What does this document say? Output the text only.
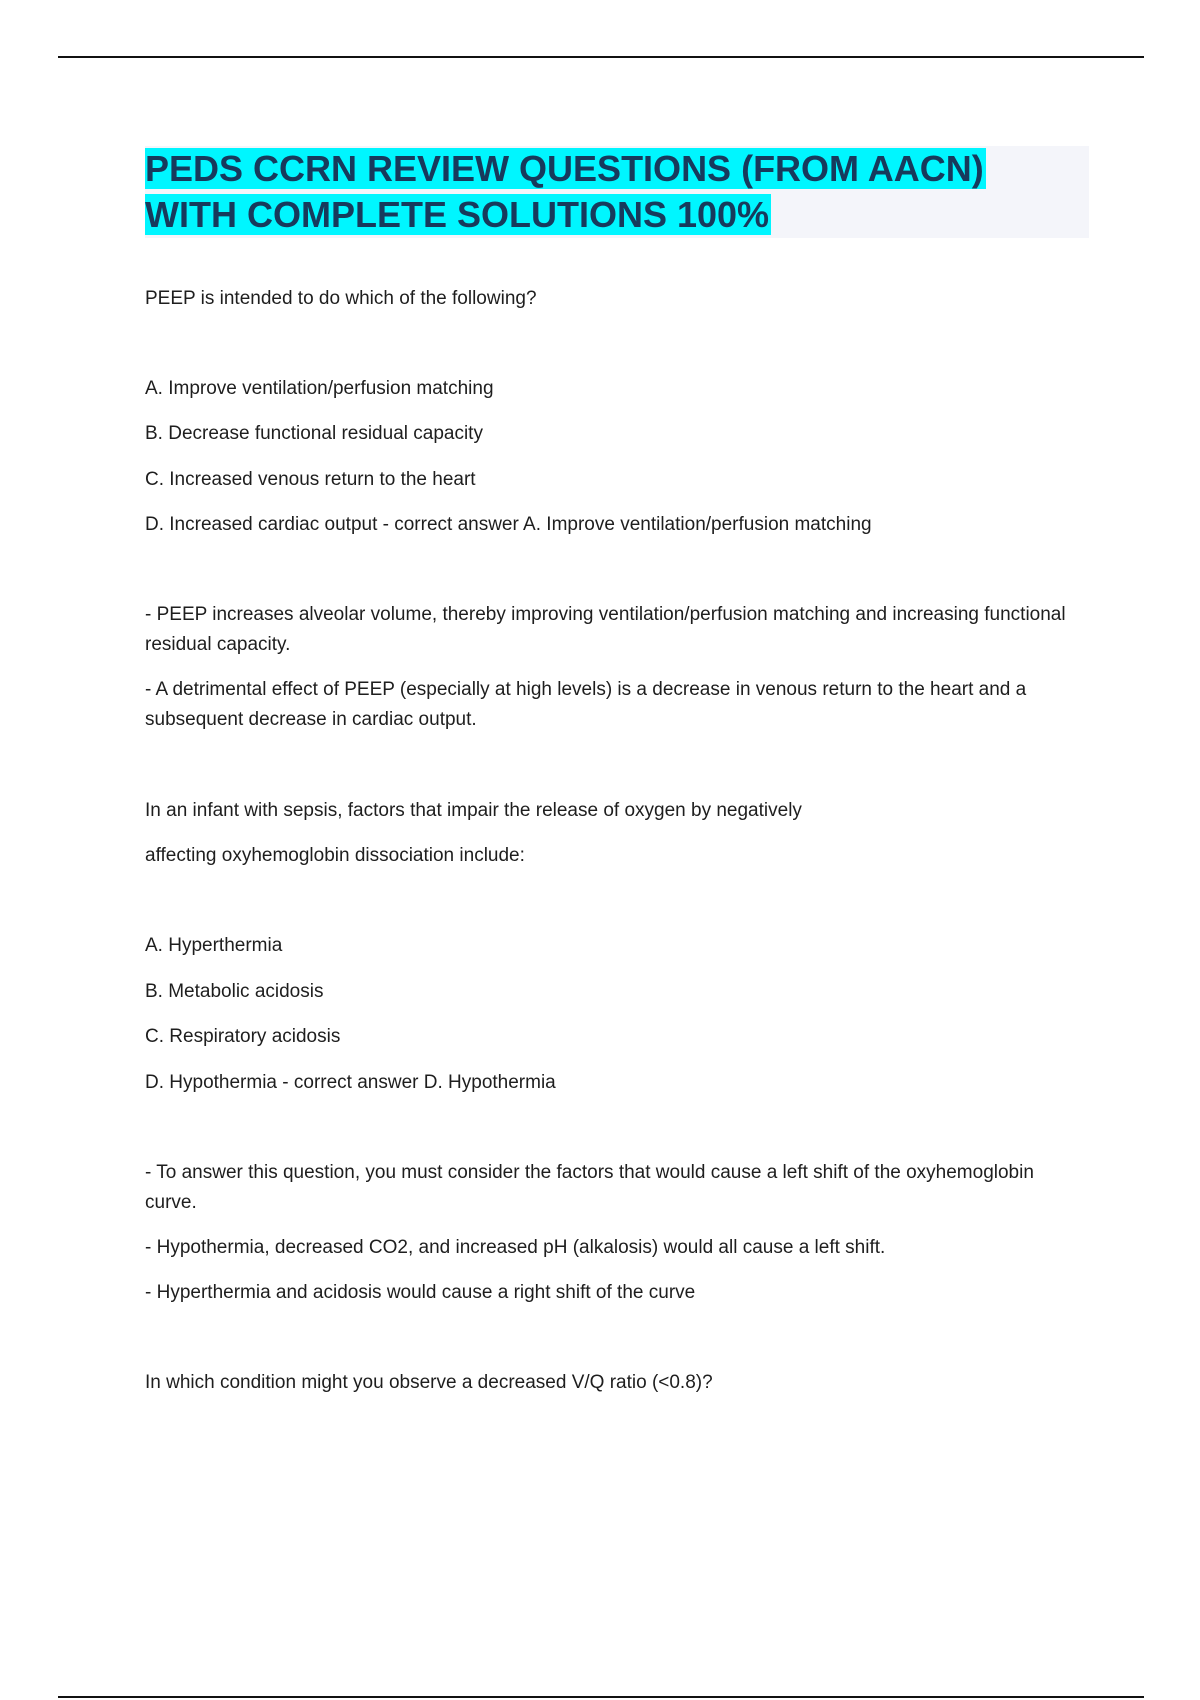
PEDS CCRN REVIEW QUESTIONS (FROM AACN)
WITH COMPLETE SOLUTIONS 100%

PEEP is intended to do which of the following?

A. Improve ventilation/perfusion matching

B. Decrease functional residual capacity

C. Increased venous return to the heart

D. Increased cardiac output - correct answer A. Improve ventilation/perfusion matching

- PEEP increases alveolar volume, thereby improving ventilation/perfusion matching and increasing functional residual capacity.

- A detrimental effect of PEEP (especially at high levels) is a decrease in venous return to the heart and a subsequent decrease in cardiac output.

In an infant with sepsis, factors that impair the release of oxygen by negatively

affecting oxyhemoglobin dissociation include:

A. Hyperthermia

B. Metabolic acidosis

C. Respiratory acidosis

D. Hypothermia - correct answer D. Hypothermia

- To answer this question, you must consider the factors that would cause a left shift of the oxyhemoglobin curve.

- Hypothermia, decreased CO2, and increased pH (alkalosis) would all cause a left shift.

- Hyperthermia and acidosis would cause a right shift of the curve

In which condition might you observe a decreased V/Q ratio (<0.8)?
